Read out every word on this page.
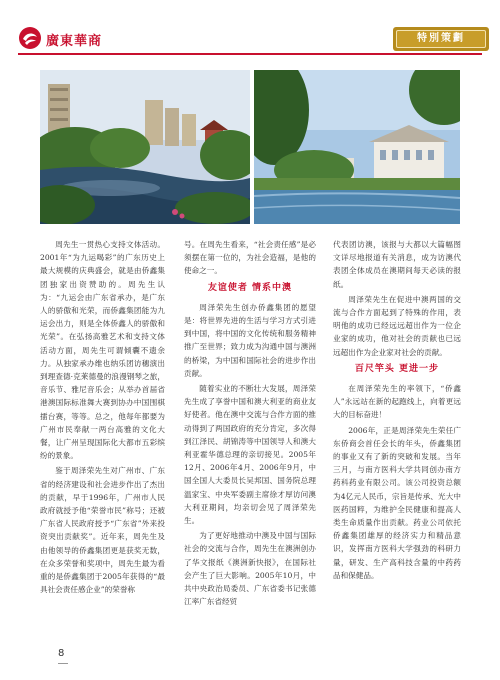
廣東華商	特別策劃

周先生一贯热心支持文体活动。2001年“为九运喝彩”的广东历史上最大规模的庆典盛会，就是由侨鑫集团独家出资赞助的。周先生认为：“九运会由广东省承办，是广东人的骄傲和光荣，而侨鑫集团能为九运会出力，则是全体侨鑫人的骄傲和光荣”。在弘扬高雅艺术和支持文体活动方面，周先生可谓倾囊不遗余力。从独家承办维也纳乐团访穗演出到理查德·克莱德曼的浪漫钢琴之旅，音乐节、雅尼音乐会；从举办首届省港澳国际标准舞大赛到协办中国围棋擂台赛，等等。总之，他每年都要为广州市民奉献一两台高雅的文化大餐，让广州呈现国际化大都市五彩缤纷的景象。

鉴于周泽荣先生对广州市、广东省的经济建设和社会进步作出了杰出的贡献，早于1996年，广州市人民政府就授予他“荣誉市民”称号；还被广东省人民政府授予“广东省”外来投资突出贡献奖”。近年来，周先生及由他领导的侨鑫集团更是获奖无数，在众多荣誉和奖项中，周先生最为看重的是侨鑫集团于2005年获得的“最具社会责任感企业”的荣誉称

号。在周先生看来，“社会责任感”是必须摆在第一位的，为社会造福，是他的使命之一。

友谊使者 情系中澳

周泽荣先生创办侨鑫集团的愿望是：将世界先进的生活与学习方式引进到中国，将中国的文化传统和服务精神推广至世界；致力成为沟通中国与澳洲的桥梁，为中国和国际社会的进步作出贡献。

随着实业的不断壮大发展，周泽荣先生成了享誉中国和澳大利亚的商业友好使者。他在澳中交流与合作方面的推动得到了两国政府的充分肯定，多次得到江泽民、胡锦涛等中国领导人和澳大利亚霍华德总理的亲切接见。2005年12月、2006年4月、2006年9月，中国全国人大委员长吴邦国、国务院总理温家宝、中央军委副主席徐才厚访问澳大利亚期间，均亲切会见了周泽荣先生。

为了更好地推动中澳及中国与国际社会的交流与合作，周先生在澳洲创办了华文报纸《澳洲新快报》，在国际社会产生了巨大影响。2005年10月，中共中央政治局委员、广东省委书记张德江率广东省经贸

代表团访澳，该报与大都以大篇幅图文详尽地报道有关消息，成为访澳代表团全体成员在澳期间每天必读的报纸。

周泽荣先生在促进中澳两国的交流与合作方面起到了特殊的作用，表明他的成功已经远远超出作为一位企业家的成功，他对社会的贡献也已远远超出作为企业家对社会的贡献。

百尺竿头 更进一步

在周泽荣先生的率领下，“侨鑫人”永远站在新的起跑线上，向着更远大的目标奋进！

2006年，正是周泽荣先生荣任广东侨商会首任会长的年头，侨鑫集团的事业又有了新的突破和发展。当年三月，与南方医科大学共同创办南方药科药业有限公司。该公司投资总额为4亿元人民币，宗旨是传承、光大中医药国粹，为维护全民健康和提高人类生命质量作出贡献。药业公司依托侨鑫集团雄厚的经济实力和精品意识，发挥南方医科大学强劲的科研力量，研发、生产高科技含量的中药药品和保健品。

8
